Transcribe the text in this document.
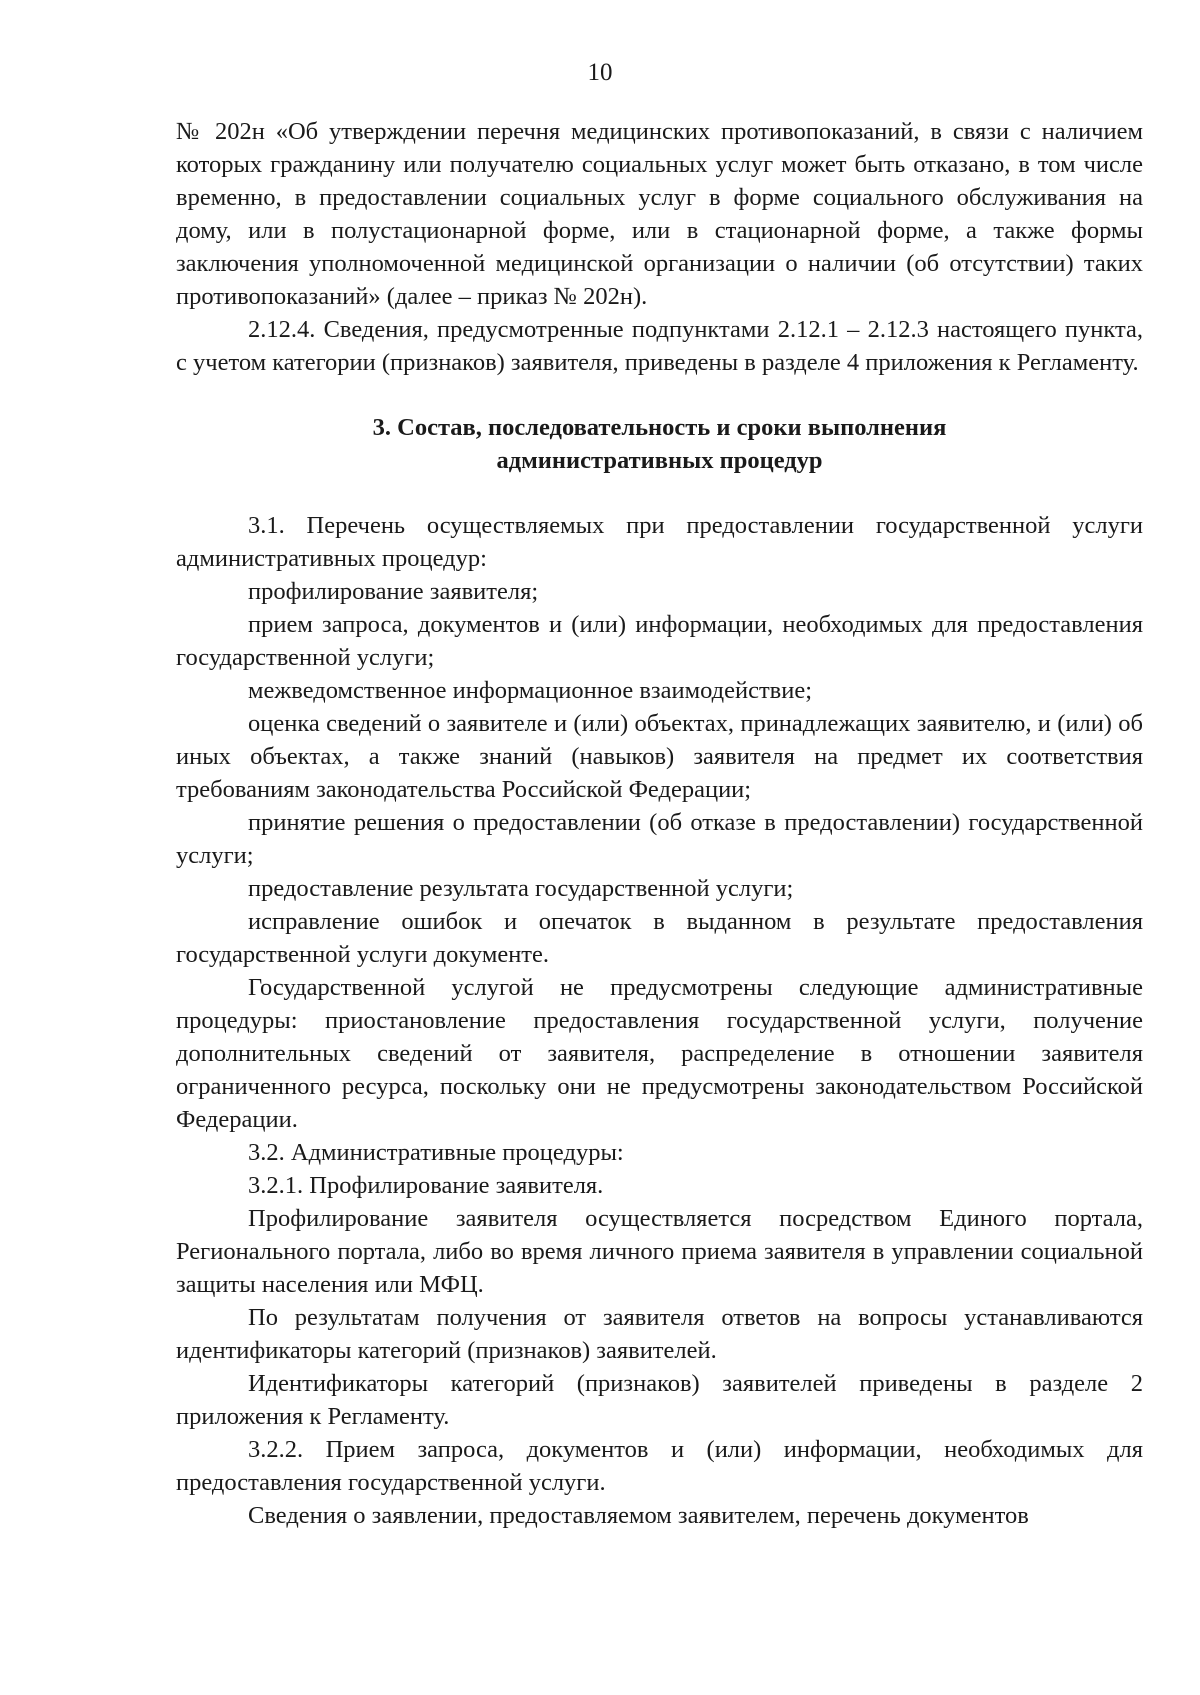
10

№ 202н «Об утверждении перечня медицинских противопоказаний, в связи с наличием которых гражданину или получателю социальных услуг может быть отказано, в том числе временно, в предоставлении социальных услуг в форме социального обслуживания на дому, или в полустационарной форме, или в стационарной форме, а также формы заключения уполномоченной медицинской организации о наличии (об отсутствии) таких противопоказаний» (далее – приказ № 202н).

2.12.4. Сведения, предусмотренные подпунктами 2.12.1 – 2.12.3 настоящего пункта, с учетом категории (признаков) заявителя, приведены в разделе 4 приложения к Регламенту.

3. Состав, последовательность и сроки выполнения
административных процедур

3.1. Перечень осуществляемых при предоставлении государственной услуги административных процедур:

профилирование заявителя;

прием запроса, документов и (или) информации, необходимых для предоставления государственной услуги;

межведомственное информационное взаимодействие;

оценка сведений о заявителе и (или) объектах, принадлежащих заявителю, и (или) об иных объектах, а также знаний (навыков) заявителя на предмет их соответствия требованиям законодательства Российской Федерации;

принятие решения о предоставлении (об отказе в предоставлении) государственной услуги;

предоставление результата государственной услуги;

исправление ошибок и опечаток в выданном в результате предоставления государственной услуги документе.

Государственной услугой не предусмотрены следующие административные процедуры: приостановление предоставления государственной услуги, получение дополнительных сведений от заявителя, распределение в отношении заявителя ограниченного ресурса, поскольку они не предусмотрены законодательством Российской Федерации.

3.2. Административные процедуры:

3.2.1. Профилирование заявителя.

Профилирование заявителя осуществляется посредством Единого портала, Регионального портала, либо во время личного приема заявителя в управлении социальной защиты населения или МФЦ.

По результатам получения от заявителя ответов на вопросы устанавливаются идентификаторы категорий (признаков) заявителей.

Идентификаторы категорий (признаков) заявителей приведены в разделе 2 приложения к Регламенту.

3.2.2. Прием запроса, документов и (или) информации, необходимых для предоставления государственной услуги.

Сведения о заявлении, предоставляемом заявителем, перечень документов
